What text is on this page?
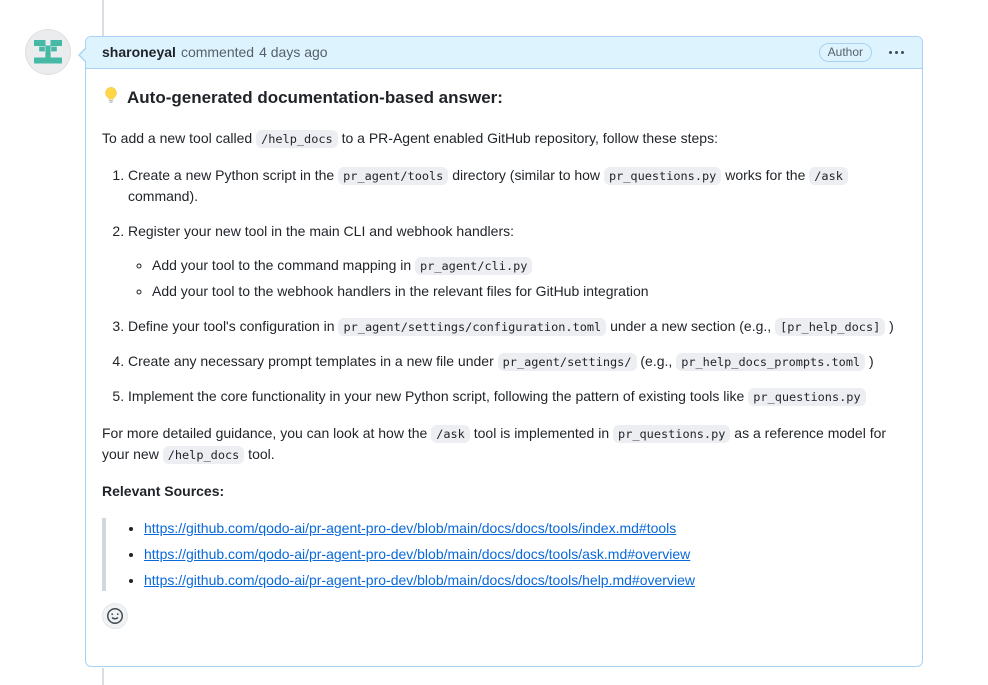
sharoneyal commented 4 days ago	Author
Auto-generated documentation-based answer:

To add a new tool called /help_docs to a PR-Agent enabled GitHub repository, follow these steps:

1. Create a new Python script in the pr_agent/tools directory (similar to how pr_questions.py works for the /ask command).
2. Register your new tool in the main CLI and webhook handlers:
◦ Add your tool to the command mapping in pr_agent/cli.py
◦ Add your tool to the webhook handlers in the relevant files for GitHub integration
3. Define your tool's configuration in pr_agent/settings/configuration.toml under a new section (e.g., [pr_help_docs] )
4. Create any necessary prompt templates in a new file under pr_agent/settings/ (e.g., pr_help_docs_prompts.toml )
5. Implement the core functionality in your new Python script, following the pattern of existing tools like pr_questions.py

For more detailed guidance, you can look at how the /ask tool is implemented in pr_questions.py as a reference model for your new /help_docs tool.

Relevant Sources:

• https://github.com/qodo-ai/pr-agent-pro-dev/blob/main/docs/docs/tools/index.md#tools
• https://github.com/qodo-ai/pr-agent-pro-dev/blob/main/docs/docs/tools/ask.md#overview
• https://github.com/qodo-ai/pr-agent-pro-dev/blob/main/docs/docs/tools/help.md#overview
